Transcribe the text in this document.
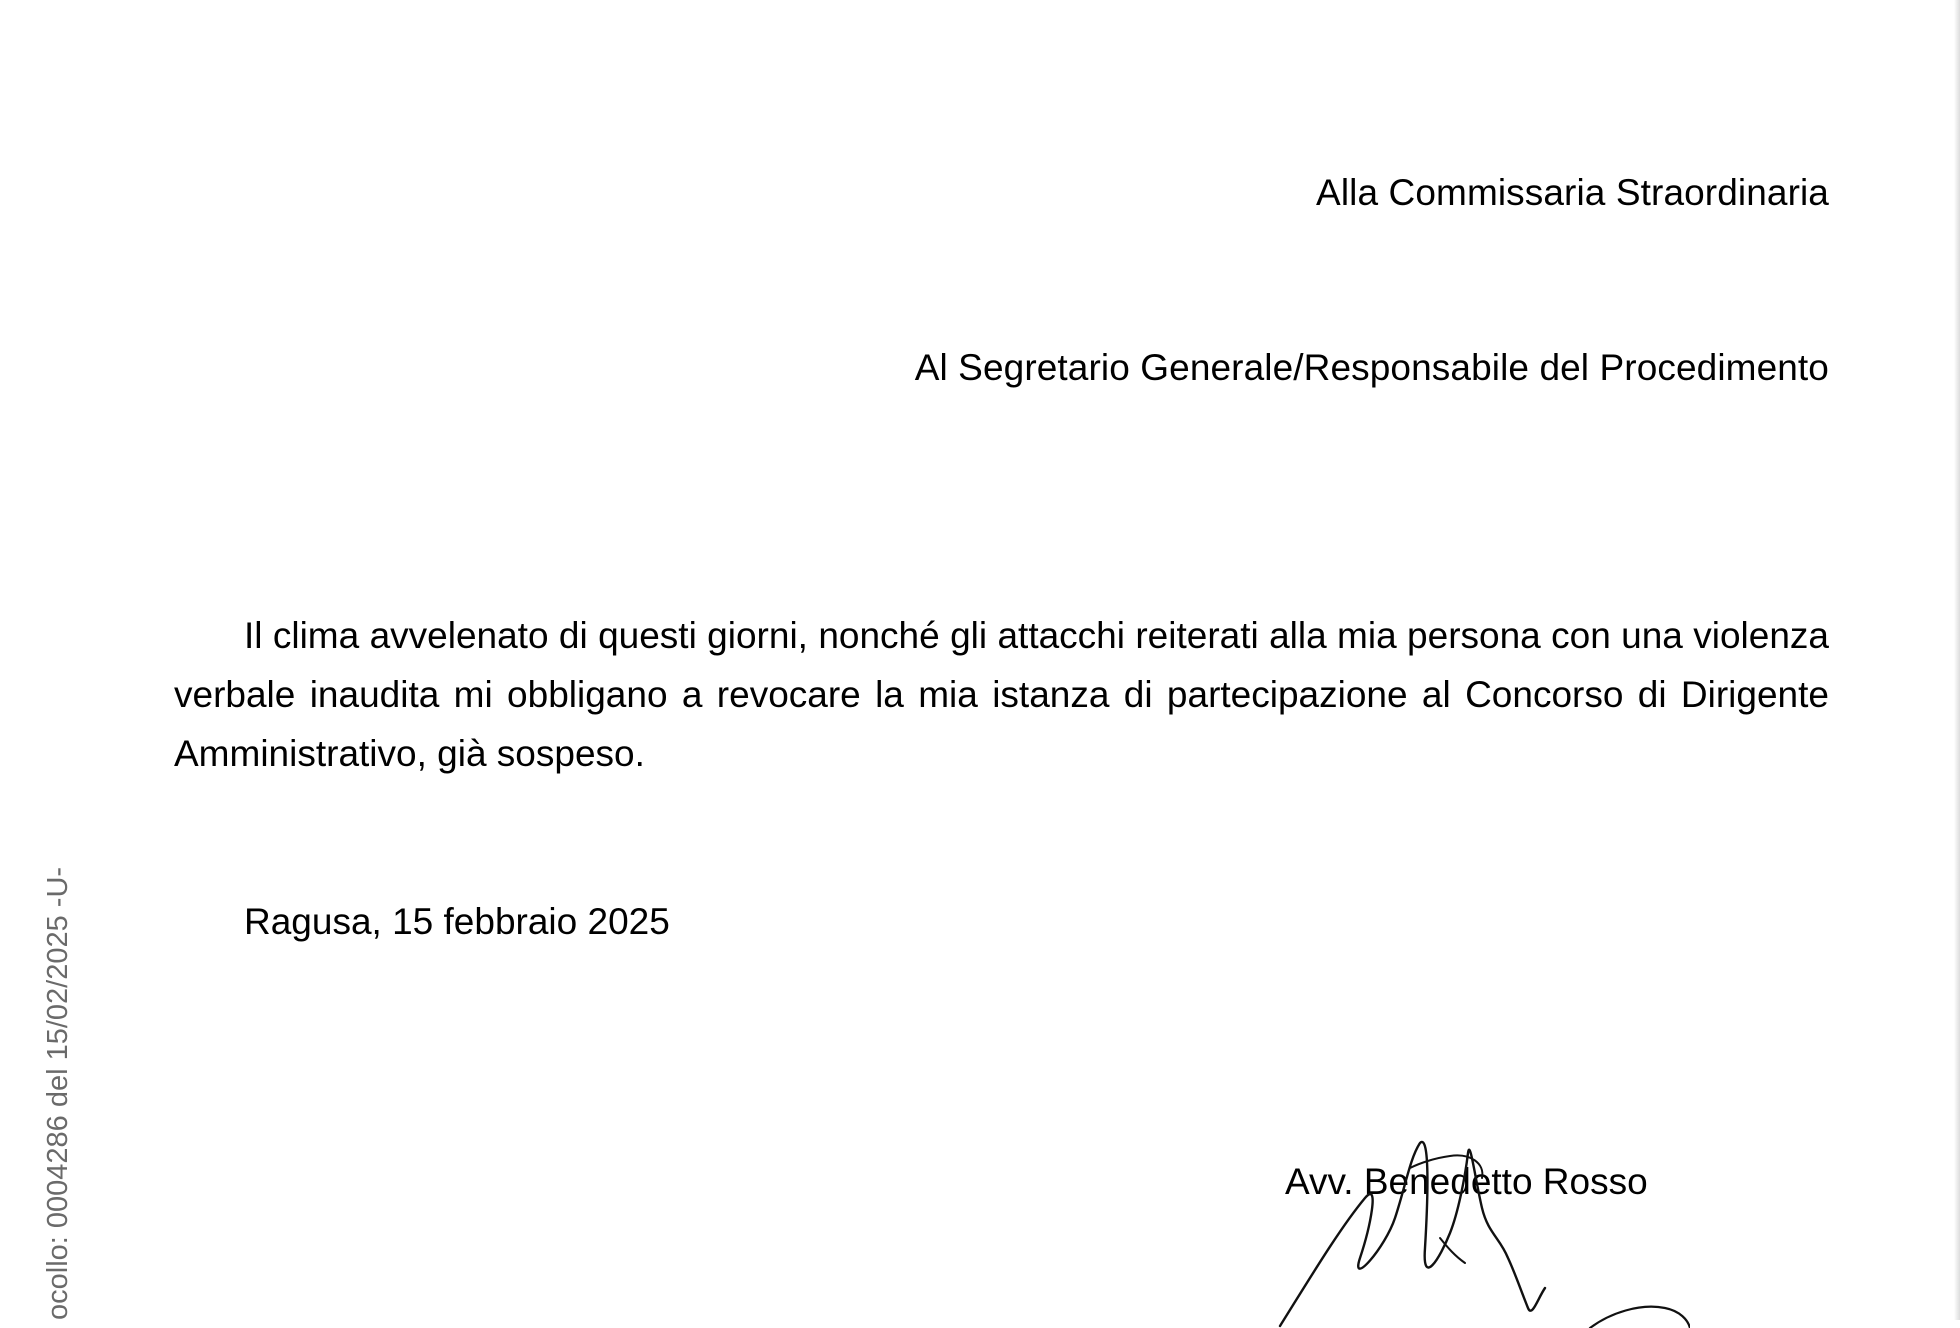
Alla Commissaria Straordinaria
Al Segretario Generale/Responsabile del Procedimento

Il clima avvelenato di questi giorni, nonché gli attacchi reiterati alla mia persona con una violenza verbale inaudita mi obbligano a revocare la mia istanza di partecipazione al Concorso di Dirigente Amministrativo, già sospeso.

Ragusa, 15 febbraio 2025
Avv. Benedetto Rosso
ocollo: 0004286 del 15/02/2025 -U-
